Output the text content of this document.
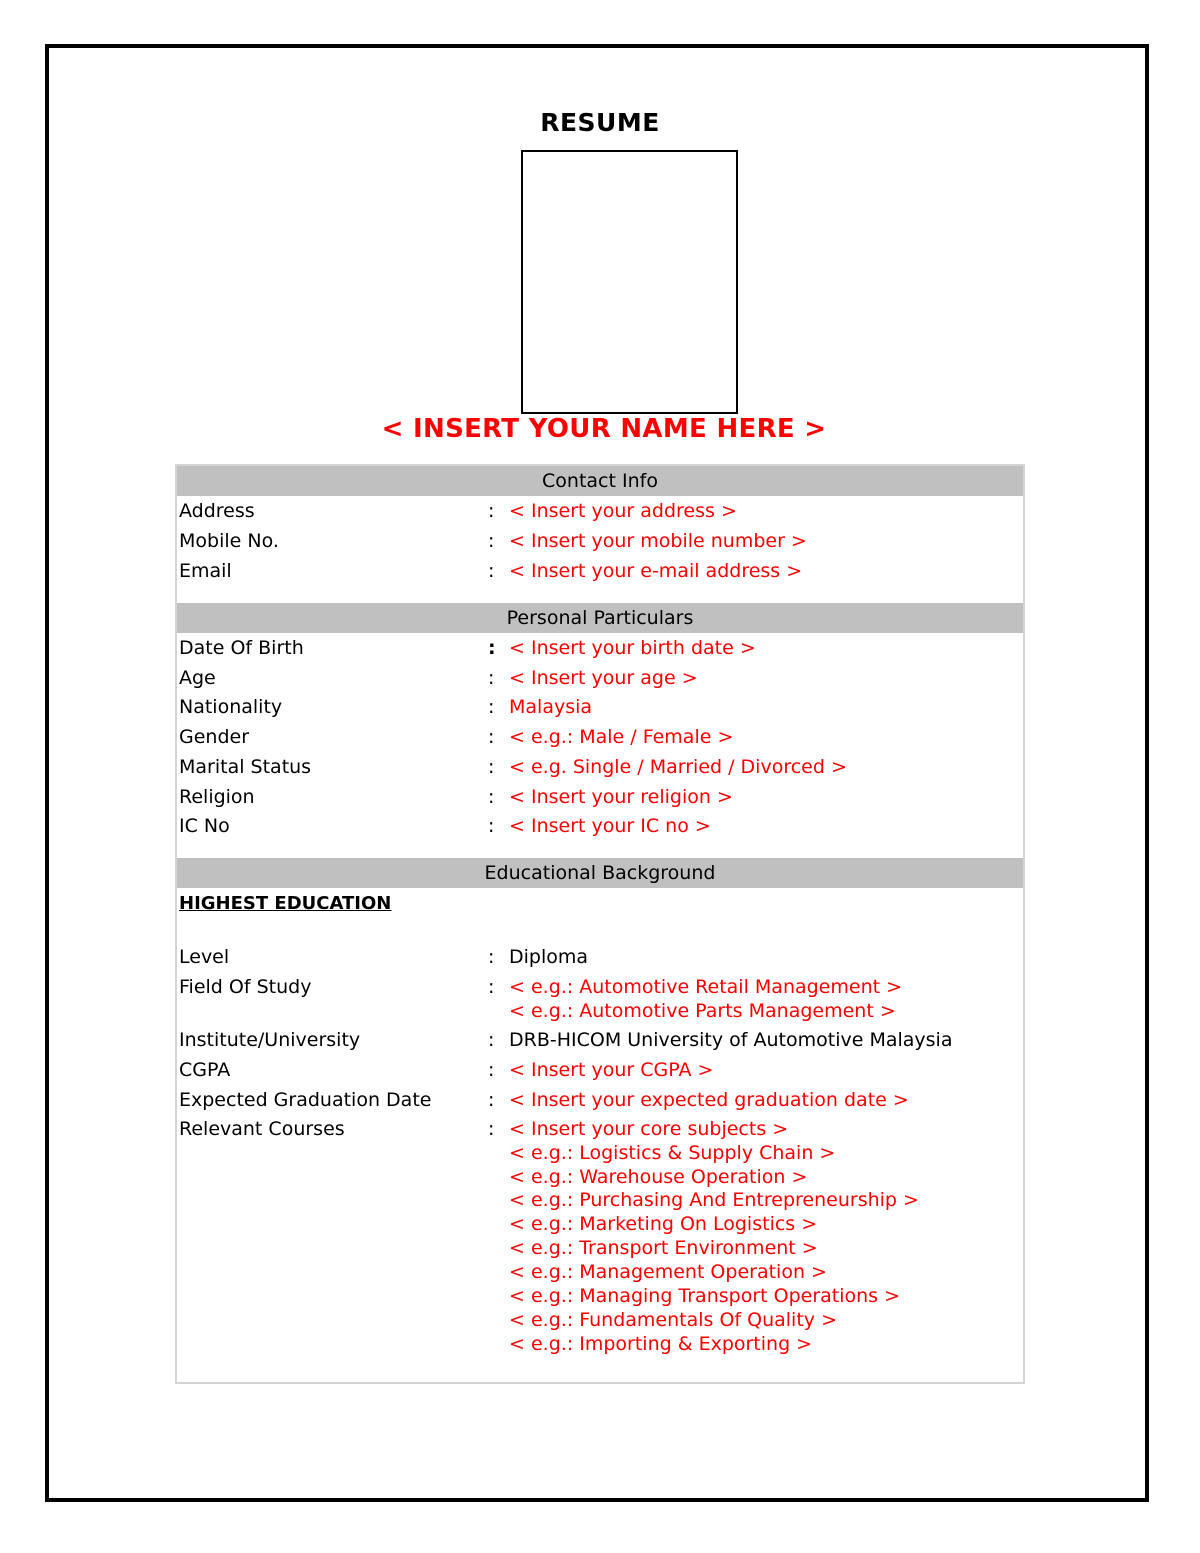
RESUME
< INSERT YOUR NAME HERE >
Contact Info
Address	: < Insert your address >
Mobile No.	: < Insert your mobile number >
Email	: < Insert your e-mail address >
Personal Particulars
Date Of Birth	: < Insert your birth date >
Age	: < Insert your age >
Nationality	: Malaysia
Gender	: < e.g.: Male / Female >
Marital Status	: < e.g. Single / Married / Divorced >
Religion	: < Insert your religion >
IC No	: < Insert your IC no >
Educational Background
HIGHEST EDUCATION
Level	: Diploma
Field Of Study	: < e.g.: Automotive Retail Management >
< e.g.: Automotive Parts Management >
Institute/University	: DRB-HICOM University of Automotive Malaysia
CGPA	: < Insert your CGPA >
Expected Graduation Date	: < Insert your expected graduation date >
Relevant Courses	: < Insert your core subjects >
< e.g.: Logistics & Supply Chain >
< e.g.: Warehouse Operation >
< e.g.: Purchasing And Entrepreneurship >
< e.g.: Marketing On Logistics >
< e.g.: Transport Environment >
< e.g.: Management Operation >
< e.g.: Managing Transport Operations >
< e.g.: Fundamentals Of Quality >
< e.g.: Importing & Exporting >
